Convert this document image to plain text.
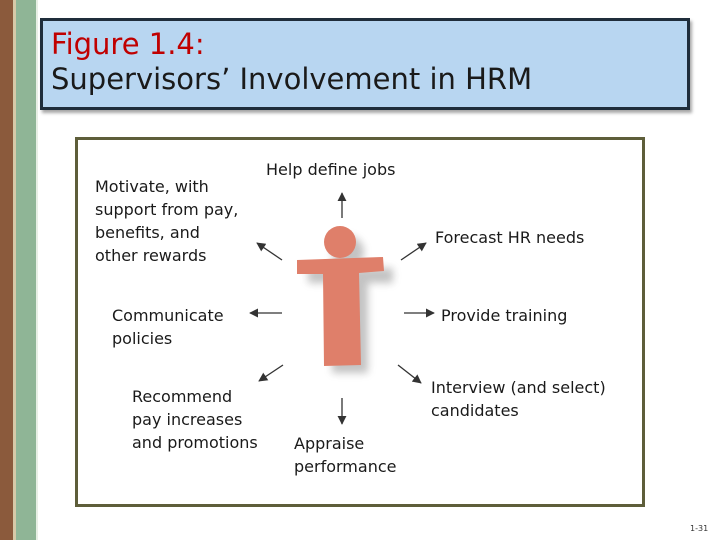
Figure 1.4:
Supervisors’ Involvement in HRM
Help define jobs
Motivate, with
support from pay,
benefits, and
other rewards
Forecast HR needs
Communicate
policies
Provide training
Recommend
pay increases
and promotions Appraise
performance
Interview (and select)
candidates
1-31
